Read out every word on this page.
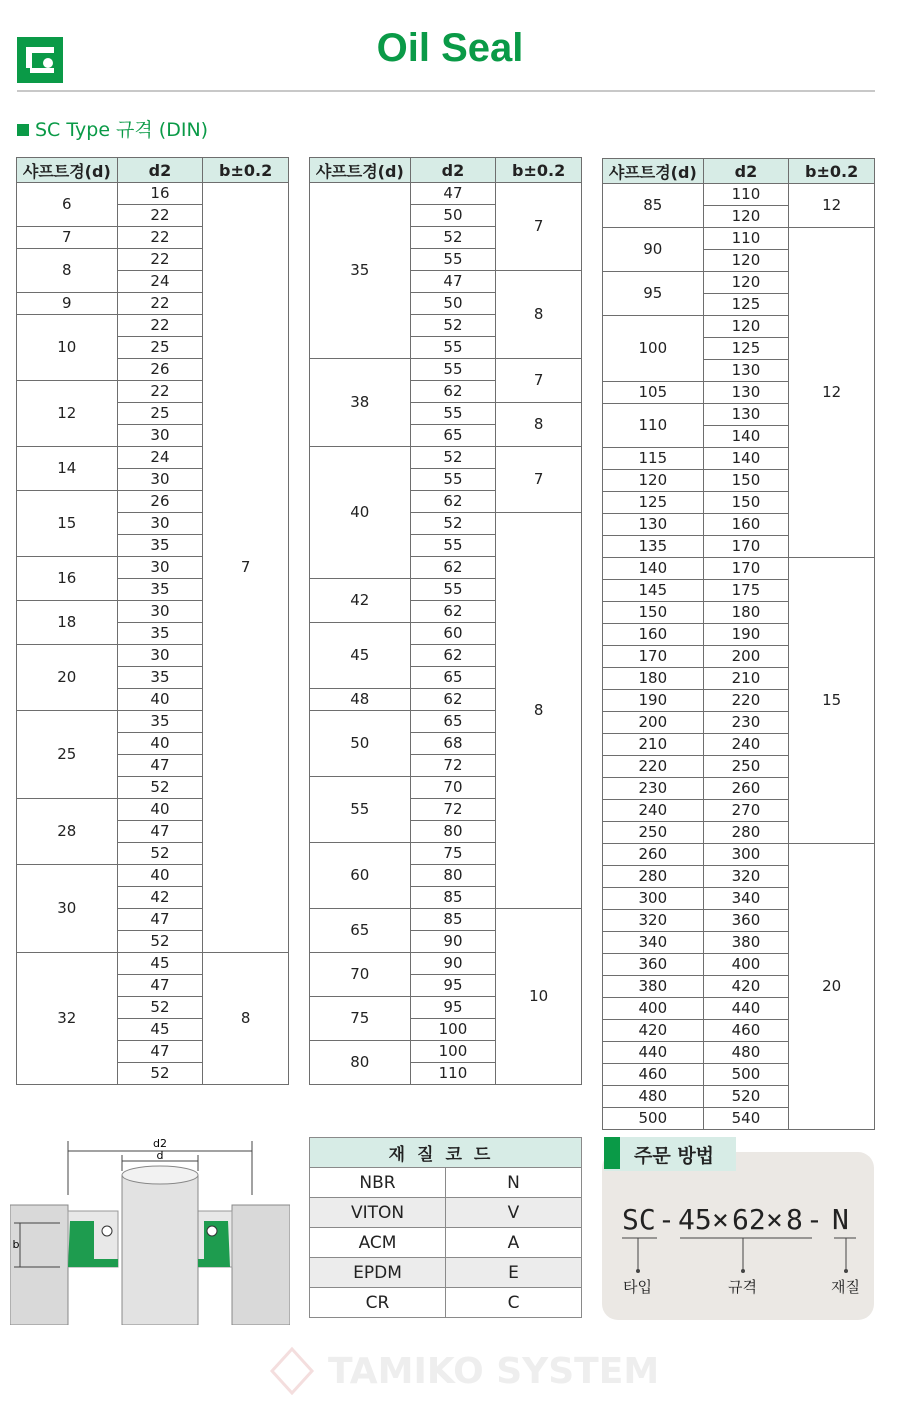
Oil Seal
SC Type 규격 (DIN)
샤프트경(d)	d2	b±0.2
6	16	7
	22	
7	22	
8	22	
	24	
9	22	
10	22	
	25	
	26	
12	22	
	25	
	30	
14	24	
	30	
15	26	
	30	
	35	
16	30	
	35	
18	30	
	35	
20	30	
	35	
	40	
25	35	
	40	
	47	
	52	
28	40	
	47	
	52	
30	40	
	42	
	47	
	52	
32	45	8
	47	
	52	
	45	
	47	
	52	
샤프트경(d)	d2	b±0.2
35	47	7
	50	
	52	
	55	
	47	8
	50	
	52	
	55	
38	55	7
	62	
	55	8
	65	
40	52	7
	55	
	62	
	52	8
	55	
	62	
42	55	
	62	
45	60	
	62	
	65	
48	62	
50	65	
	68	
	72	
55	70	
	72	
	80	
60	75	
	80	
	85	
65	85	10
	90	
70	90	
	95	
75	95	
	100	
80	100	
	110	
샤프트경(d)	d2	b±0.2
85	110	12
	120	
90	110	12
	120	
95	120	
	125	
100	120	
	125	
	130	
105	130	
110	130	
	140	
115	140	
120	150	
125	150	
130	160	
135	170	
140	170	15
145	175	
150	180	
160	190	
170	200	
180	210	
190	220	
200	230	
210	240	
220	250	
230	260	
240	270	
250	280	
260	300	20
280	320	
300	340	
320	360	
340	380	
360	400	
380	420	
400	440	
420	460	
440	480	
460	500	
480	520	
500	540	
d2
d
b
재질코드	
NBR	N
VITON	V
ACM	A
EPDM	E
CR	C
주문 방법
SC - 45 × 62 × 8 - N
타입	규격	재질
TAMIKO SYSTEM
